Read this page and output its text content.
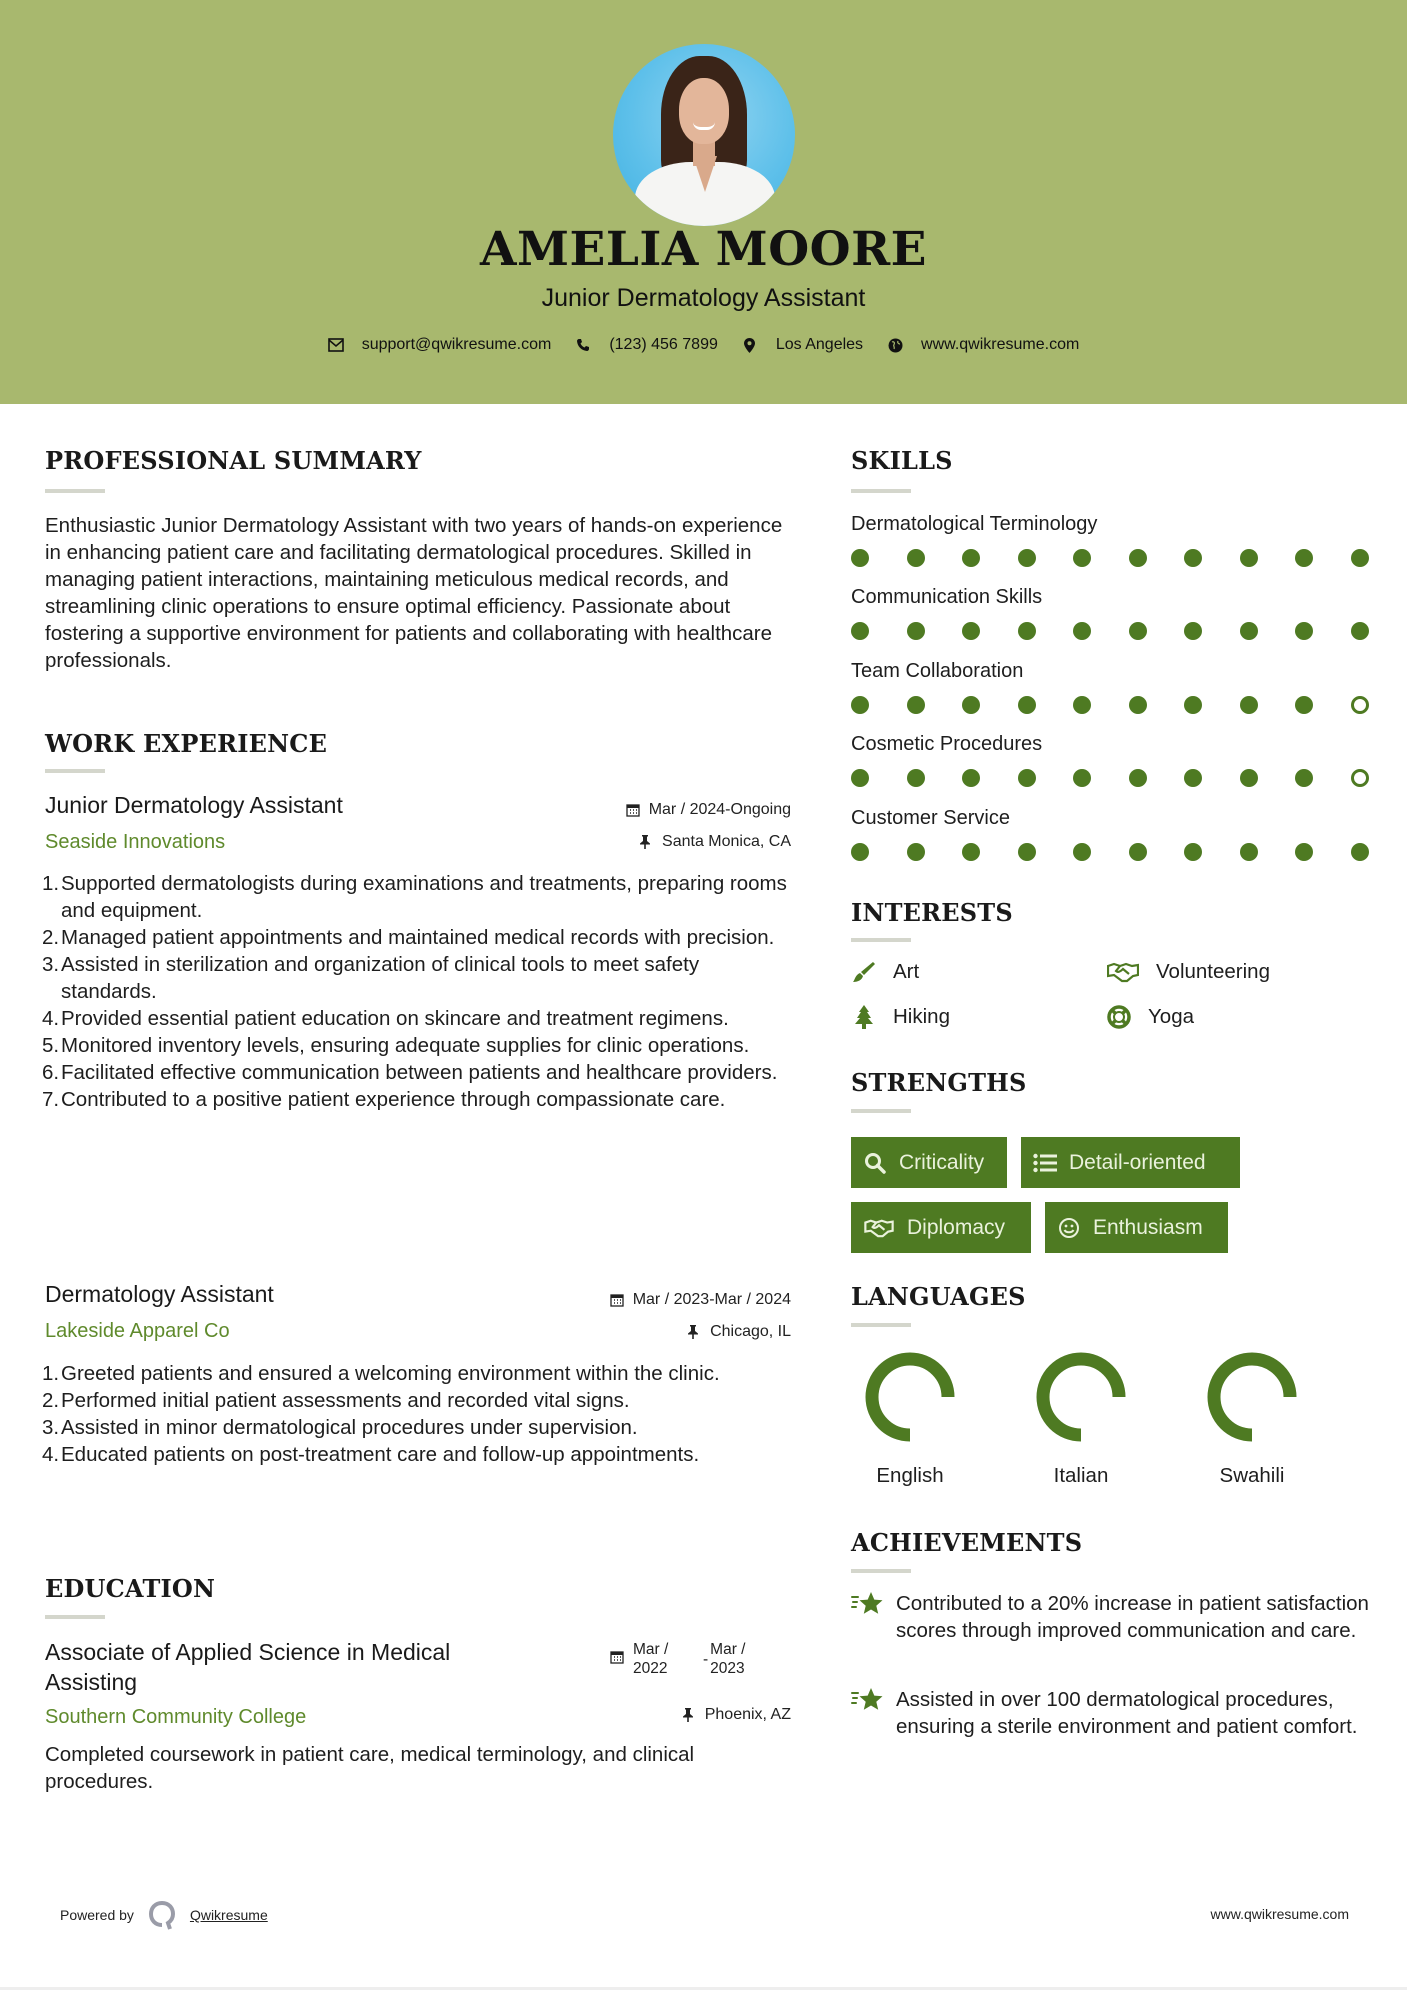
AMELIA MOORE
Junior Dermatology Assistant
support@qwikresume.com	(123) 456 7899	Los Angeles	www.qwikresume.com
PROFESSIONAL SUMMARY
Enthusiastic Junior Dermatology Assistant with two years of hands-on experience in enhancing patient care and facilitating dermatological procedures. Skilled in managing patient interactions, maintaining meticulous medical records, and streamlining clinic operations to ensure optimal efficiency. Passionate about fostering a supportive environment for patients and collaborating with healthcare professionals.
WORK EXPERIENCE
Junior Dermatology Assistant	Mar / 2024-Ongoing
Seaside Innovations	Santa Monica, CA
1. Supported dermatologists during examinations and treatments, preparing rooms and equipment.
2. Managed patient appointments and maintained medical records with precision.
3. Assisted in sterilization and organization of clinical tools to meet safety standards.
4. Provided essential patient education on skincare and treatment regimens.
5. Monitored inventory levels, ensuring adequate supplies for clinic operations.
6. Facilitated effective communication between patients and healthcare providers.
7. Contributed to a positive patient experience through compassionate care.
Dermatology Assistant	Mar / 2023-Mar / 2024
Lakeside Apparel Co	Chicago, IL
1. Greeted patients and ensured a welcoming environment within the clinic.
2. Performed initial patient assessments and recorded vital signs.
3. Assisted in minor dermatological procedures under supervision.
4. Educated patients on post-treatment care and follow-up appointments.
EDUCATION
Associate of Applied Science in Medical
Assisting
Mar /
2022
-
Mar /
2023
Southern Community College	Phoenix, AZ
Completed coursework in patient care, medical terminology, and clinical procedures.
SKILLS
Dermatological Terminology
Communication Skills
Team Collaboration
Cosmetic Procedures
Customer Service
INTERESTS
Art	Volunteering
Hiking	Yoga
STRENGTHS
Criticality	Detail-oriented
Diplomacy	Enthusiasm
LANGUAGES
English	Italian	Swahili
ACHIEVEMENTS
Contributed to a 20% increase in patient satisfaction scores through improved communication and care.
Assisted in over 100 dermatological procedures, ensuring a sterile environment and patient comfort.
Powered by	Qwikresume	www.qwikresume.com
